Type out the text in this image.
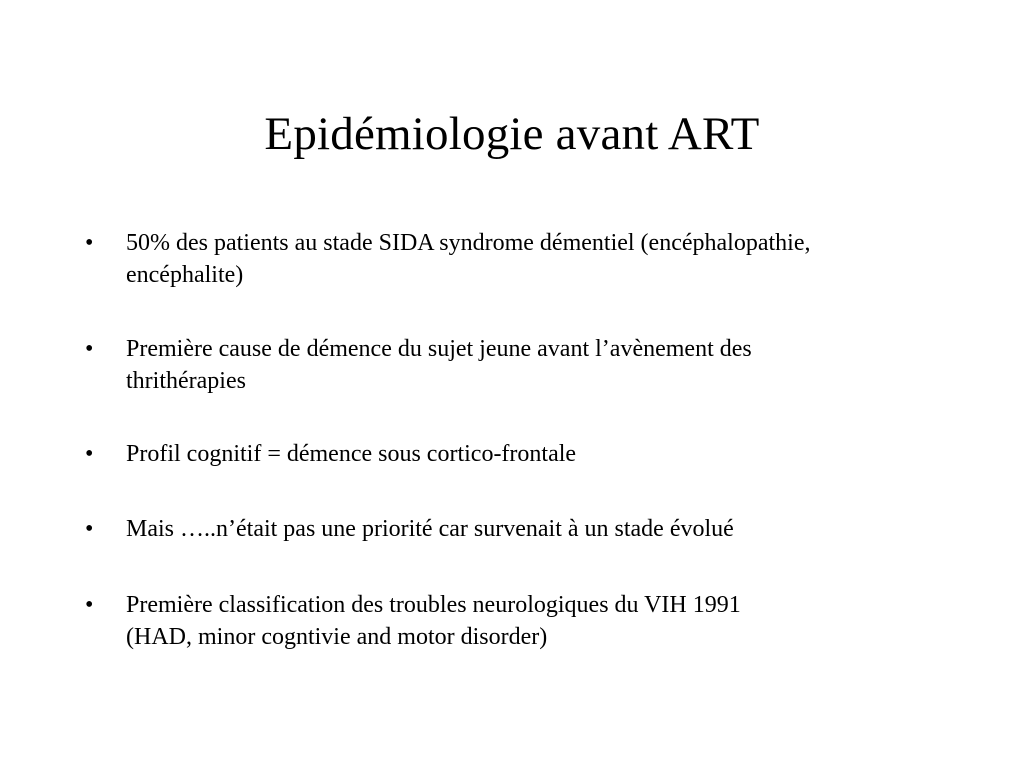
Epidémiologie avant ART
•	50% des patients au stade SIDA syndrome démentiel (encéphalopathie,
encéphalite)
•	Première cause de démence du sujet jeune avant l’avènement des
thrithérapies
•	Profil cognitif = démence sous cortico-frontale
•	Mais …..n’était pas une priorité car survenait à un stade évolué
•	Première classification des troubles neurologiques du VIH 1991
(HAD, minor cogntivie and motor disorder)
